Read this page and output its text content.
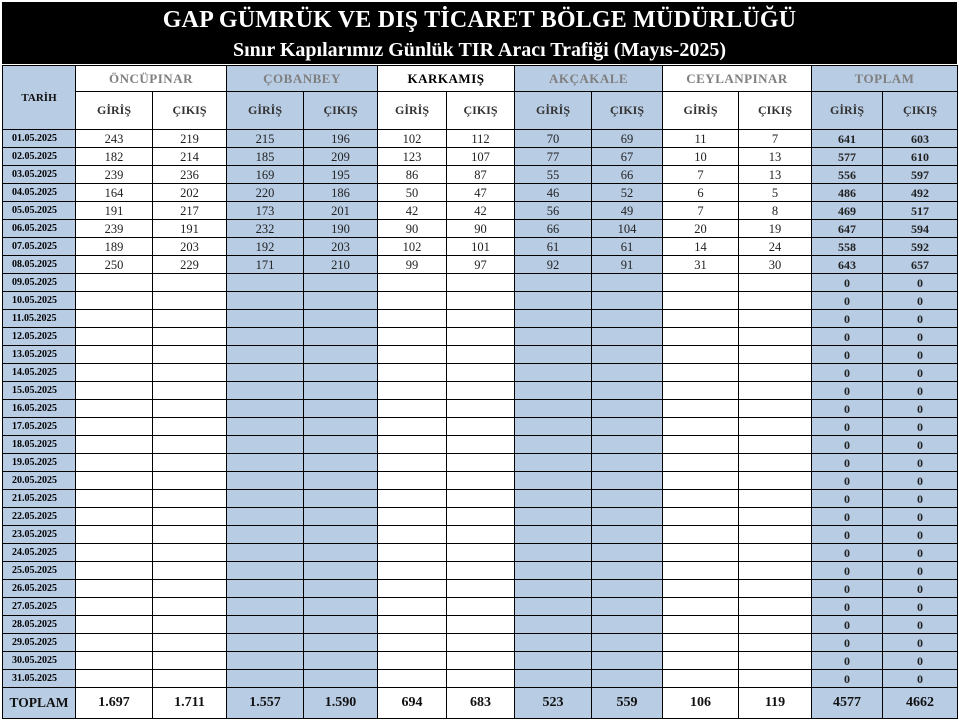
GAP GÜMRÜK VE DIŞ TİCARET BÖLGE MÜDÜRLÜĞÜ
Sınır Kapılarımız Günlük TIR Aracı Trafiği (Mayıs-2025)
TARİH	ÖNCÜPINAR		ÇOBANBEY		KARKAMIŞ		AKÇAKALE		CEYLANPINAR		TOPLAM	
	GİRİŞ	ÇIKIŞ	GİRİŞ	ÇIKIŞ	GİRİŞ	ÇIKIŞ	GİRİŞ	ÇIKIŞ	GİRİŞ	ÇIKIŞ	GİRİŞ	ÇIKIŞ
01.05.2025	243	219	215	196	102	112	70	69	11	7	641	603
02.05.2025	182	214	185	209	123	107	77	67	10	13	577	610
03.05.2025	239	236	169	195	86	87	55	66	7	13	556	597
04.05.2025	164	202	220	186	50	47	46	52	6	5	486	492
05.05.2025	191	217	173	201	42	42	56	49	7	8	469	517
06.05.2025	239	191	232	190	90	90	66	104	20	19	647	594
07.05.2025	189	203	192	203	102	101	61	61	14	24	558	592
08.05.2025	250	229	171	210	99	97	92	91	31	30	643	657
09.05.2025											0	0
10.05.2025											0	0
11.05.2025											0	0
12.05.2025											0	0
13.05.2025											0	0
14.05.2025											0	0
15.05.2025											0	0
16.05.2025											0	0
17.05.2025											0	0
18.05.2025											0	0
19.05.2025											0	0
20.05.2025											0	0
21.05.2025											0	0
22.05.2025											0	0
23.05.2025											0	0
24.05.2025											0	0
25.05.2025											0	0
26.05.2025											0	0
27.05.2025											0	0
28.05.2025											0	0
29.05.2025											0	0
30.05.2025											0	0
31.05.2025											0	0
TOPLAM	1.697	1.711	1.557	1.590	694	683	523	559	106	119	4577	4662
